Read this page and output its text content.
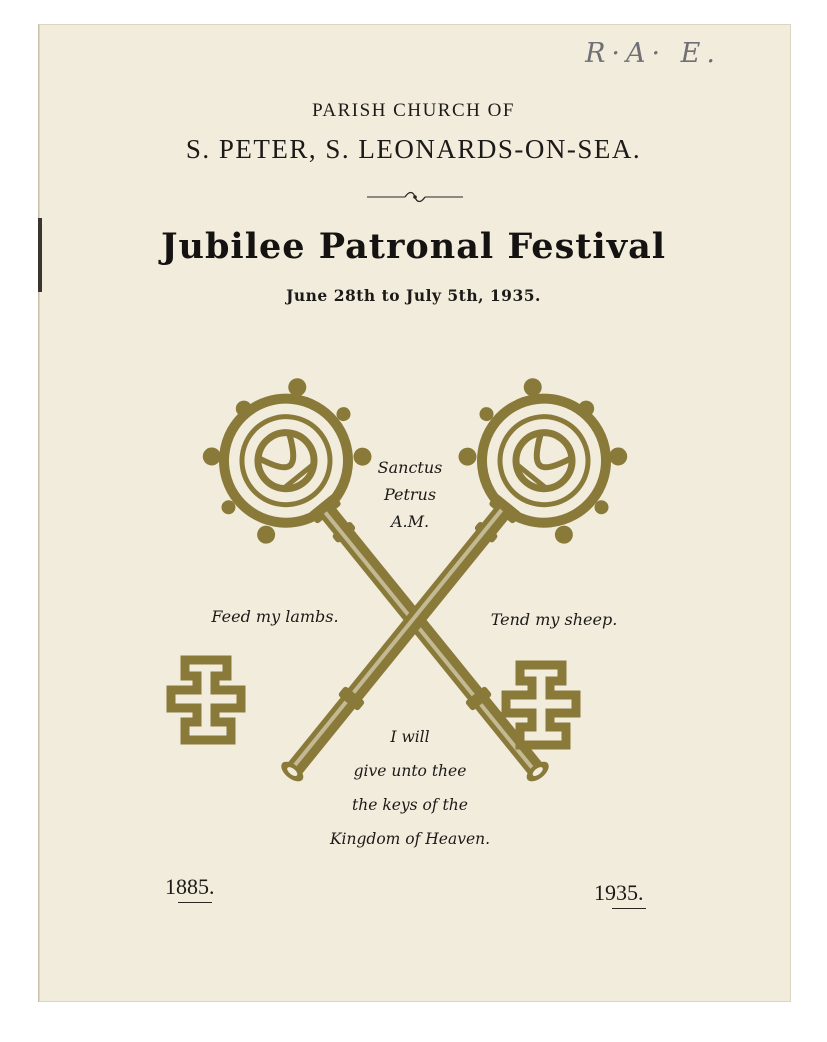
R·A· E.
PARISH CHURCH OF
S. PETER, S. LEONARDS-ON-SEA.
Jubilee Patronal Festival
June 28th to July 5th, 1935.
Sanctus
Petrus
A.M.
Feed my lambs.	Tend my sheep.
I will
give unto thee
the keys of the
Kingdom of Heaven.
1885.	1935.
